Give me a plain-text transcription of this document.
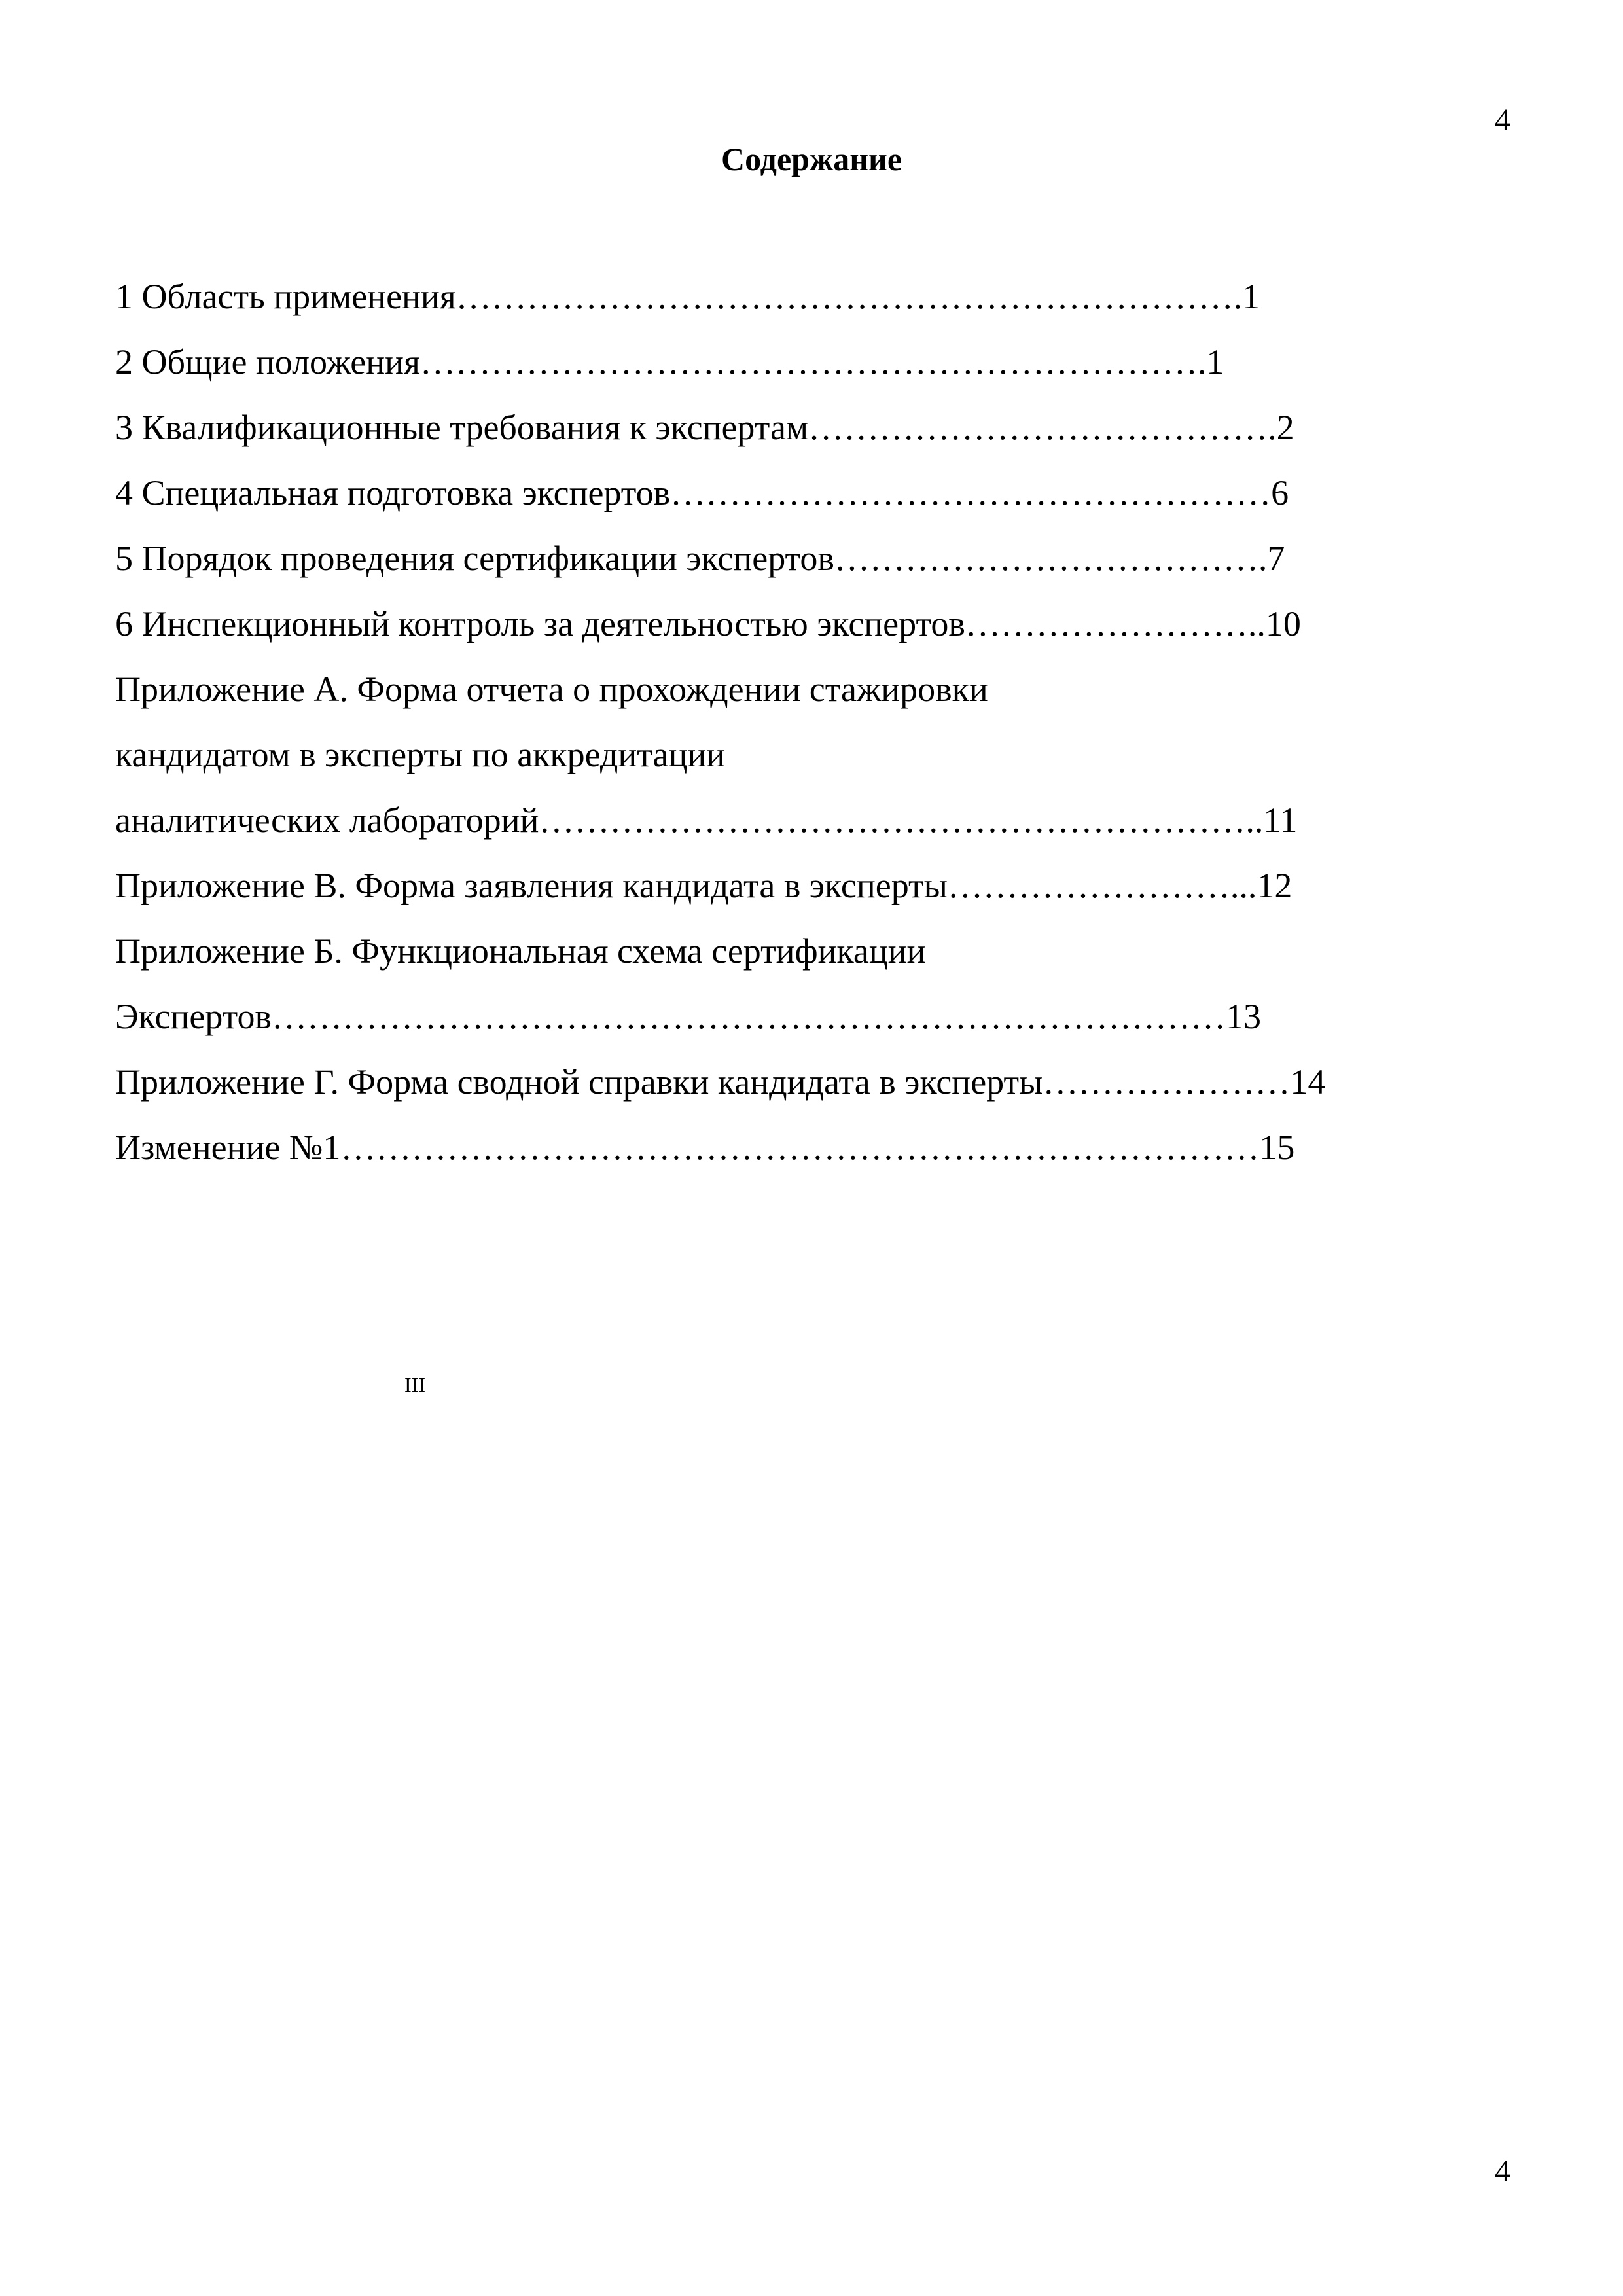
4
Содержание
1 Область применения………………………………………………………….1
2 Общие положения………………………………………………………….1
3 Квалификационные требования к экспертам………………………………….2
4 Специальная подготовка экспертов……………………………………………6
5 Порядок проведения сертификации экспертов……………………………….7
6 Инспекционный контроль за деятельностью экспертов……………………..10
Приложение А. Форма отчета о прохождении стажировки
кандидатом в эксперты по аккредитации
аналитических лабораторий……………………………………………………..11
Приложение В. Форма заявления кандидата в эксперты……………………...12
Приложение Б. Функциональная схема сертификации
Экспертов………………………………………………………………………13
Приложение Г. Форма сводной справки кандидата в эксперты…………………14
Изменение №1……………………………………………………………………15
III
4
